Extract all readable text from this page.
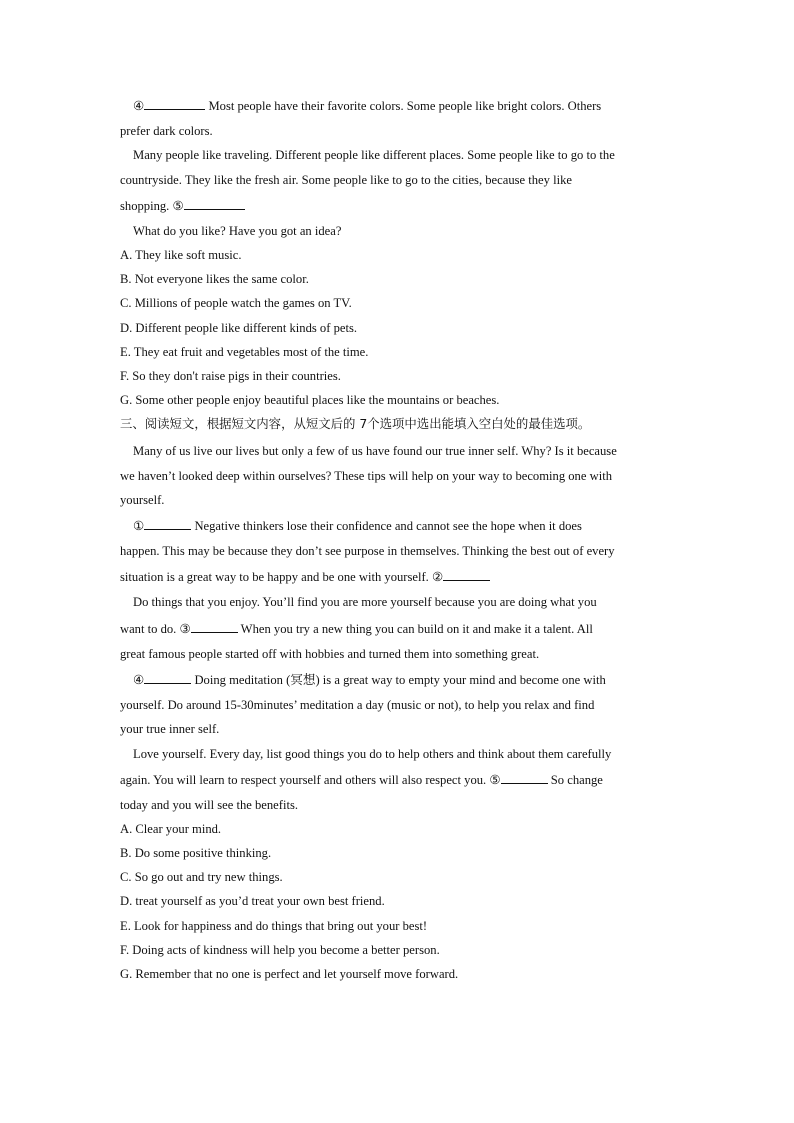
④	Most people have their favorite colors. Some people like bright colors. Others
prefer dark colors.
Many people like traveling. Different people like different places. Some people like to go to the
countryside. They like the fresh air. Some people like to go to the cities, because they like
shopping. ⑤
What do you like? Have you got an idea?
A. They like soft music.
B. Not everyone likes the same color.
C. Millions of people watch the games on TV.
D. Different people like different kinds of pets.
E. They eat fruit and vegetables most of the time.
F. So they don't raise pigs in their countries.
G. Some other people enjoy beautiful places like the mountains or beaches.
三、阅读短文，根据短文内容，从短文后的 7个选项中选出能填入空白处的最佳选项。
Many of us live our lives but only a few of us have found our true inner self. Why? Is it because
we haven’t looked deep within ourselves? These tips will help on your way to becoming one with
yourself.
①	Negative thinkers lose their confidence and cannot see the hope when it does
happen. This may be because they don’t see purpose in themselves. Thinking the best out of every
situation is a great way to be happy and be one with yourself. ②
Do things that you enjoy. You’ll find you are more yourself because you are doing what you
want to do. ③	When you try a new thing you can build on it and make it a talent. All
great famous people started off with hobbies and turned them into something great.
④	Doing meditation (冥想) is a great way to empty your mind and become one with
yourself. Do around 15-30minutes’ meditation a day (music or not), to help you relax and find
your true inner self.
Love yourself. Every day, list good things you do to help others and think about them carefully
again. You will learn to respect yourself and others will also respect you. ⑤	So change
today and you will see the benefits.
A. Clear your mind.
B. Do some positive thinking.
C. So go out and try new things.
D. treat yourself as you’d treat your own best friend.
E. Look for happiness and do things that bring out your best!
F. Doing acts of kindness will help you become a better person.
G. Remember that no one is perfect and let yourself move forward.
